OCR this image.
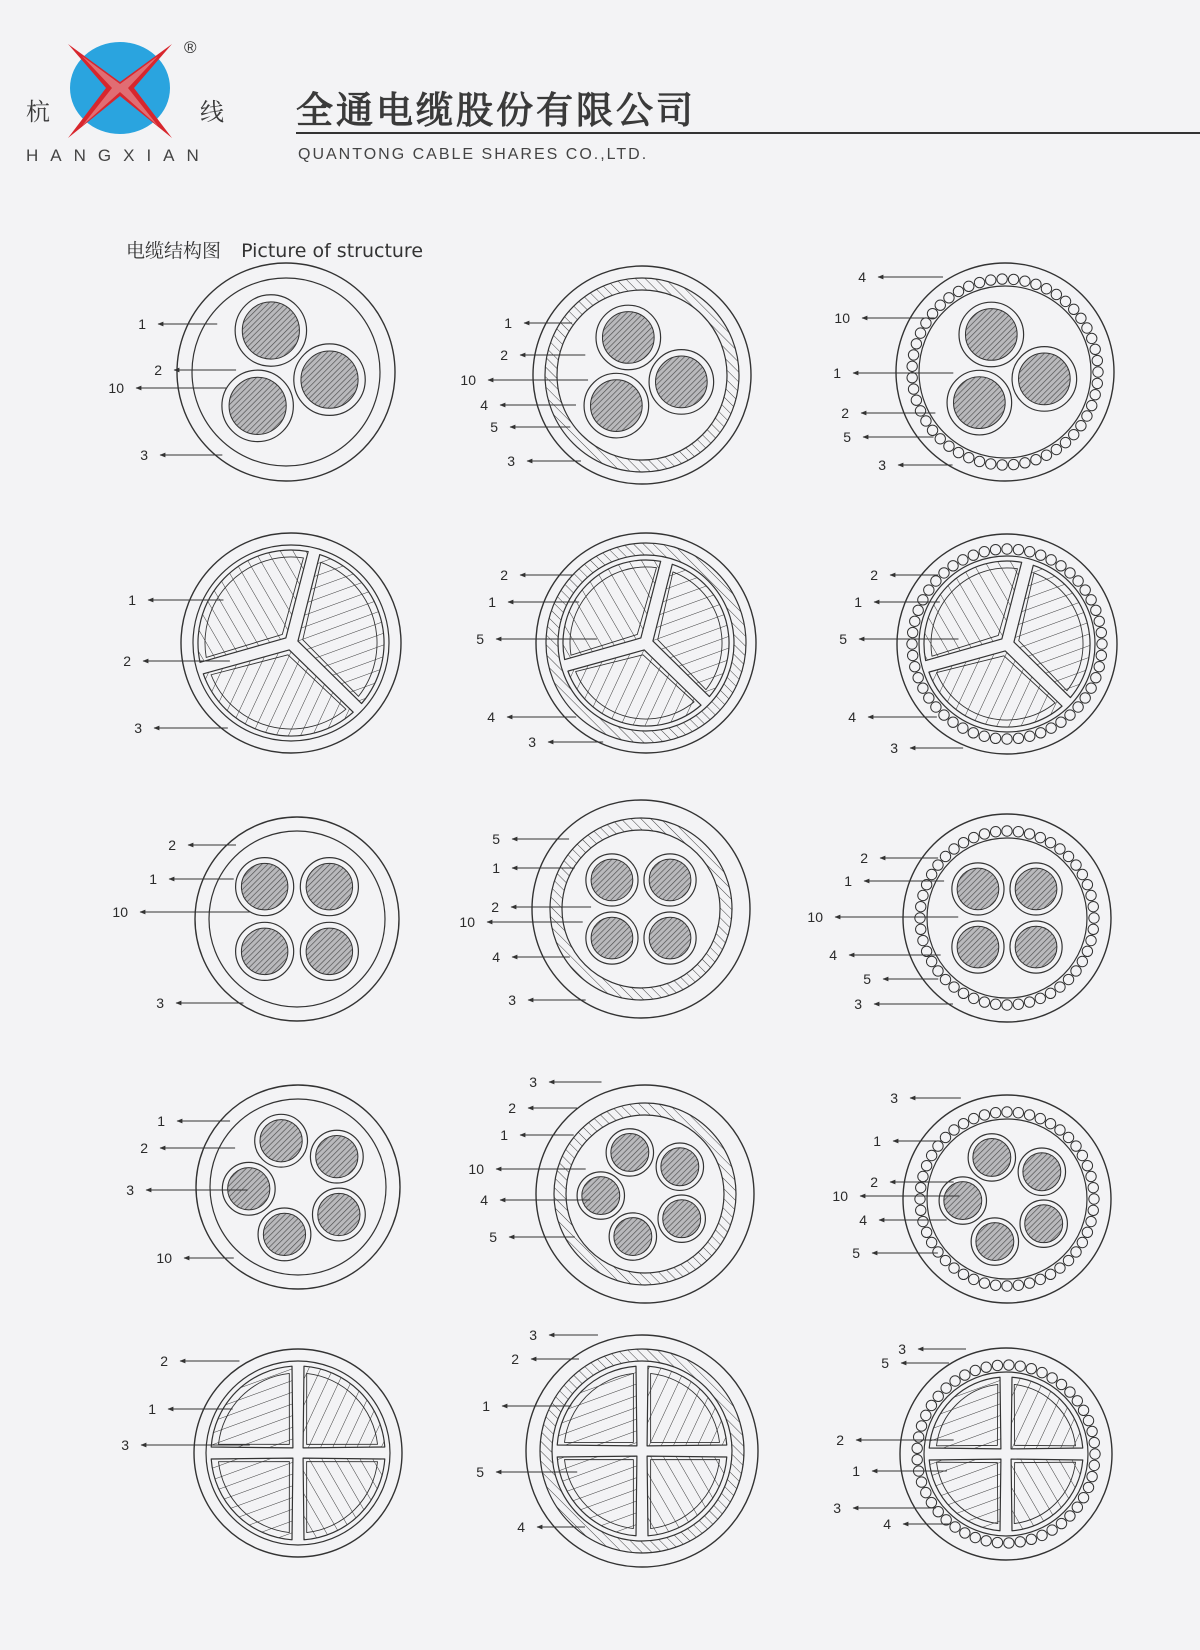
杭	线
®
HANGXIAN
全通电缆股份有限公司
QUANTONG CABLE SHARES CO.,LTD.
电缆结构图 Picture of structure
1
2
10
3
1
2
10
4
5
3
4
10
1
2
5
3
1
2
3
2
1
5
4
3
2
1
5
4
3
2
1
10
3
5
1
2
10
4
3
2
1
10
4
5
3
1
2
3
10
3
2
1
10
4
5
3
1
2
10
4
5
2
1
3
3
2
1
5
4
3
5
2
1
3
4
